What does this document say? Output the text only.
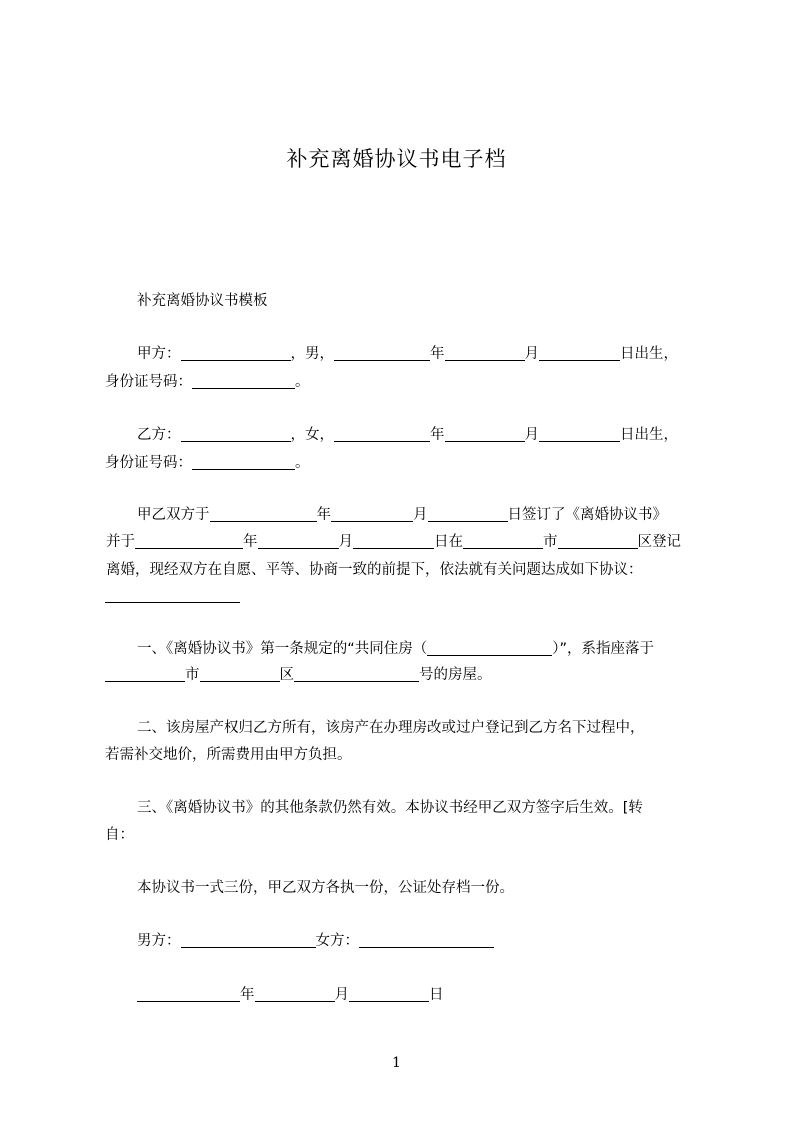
补充离婚协议书电子档
补充离婚协议书模板
甲方：	，男，	年	月	日出生，
身份证号码：	。
乙方：	，女，	年	月	日出生，
身份证号码：	。
甲乙双方于	年	月	日签订了《离婚协议书》
并于	年	月	日在	市	区登记
离婚，现经双方在自愿、平等、协商一致的前提下，依法就有关问题达成如下协议：
一、《离婚协议书》第一条规定的“共同住房（	）”，系指座落于
市	区	号的房屋。
二、该房屋产权归乙方所有，该房产在办理房改或过户登记到乙方名下过程中，
若需补交地价，所需费用由甲方负担。
三、《离婚协议书》的其他条款仍然有效。本协议书经甲乙双方签字后生效。[转
自：
本协议书一式三份，甲乙双方各执一份，公证处存档一份。
男方：	女方：
年	月	日
1
